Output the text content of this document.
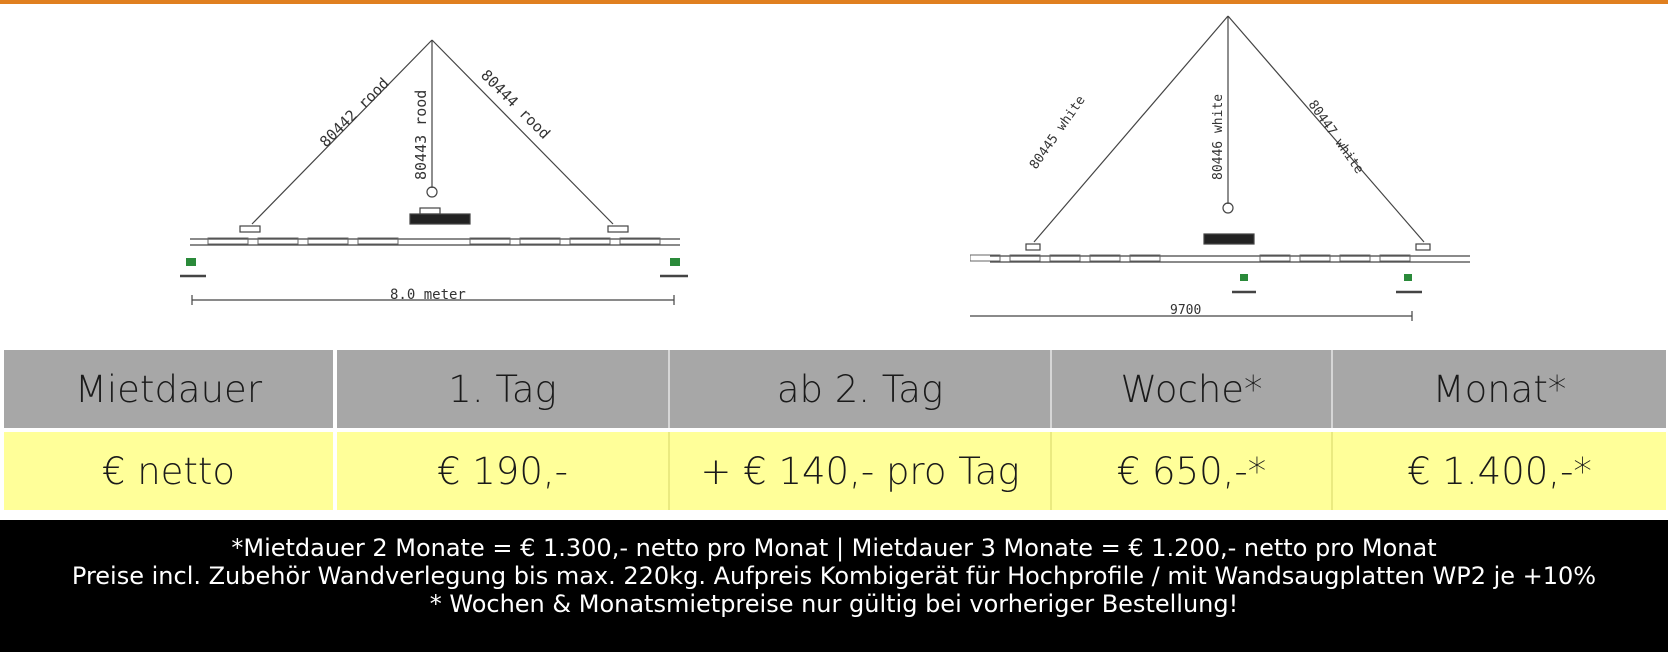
80442 rood 80443 rood	80444 rood
8.0 meter
80445 white	80446 white	80447 white
9700
Mietdauer	1. Tag	ab 2. Tag	Woche*	Monat*
€ netto	€ 190,-	+ € 140,- pro Tag	€ 650,-*	€ 1.400,-*
*Mietdauer 2 Monate = € 1.300,- netto pro Monat | Mietdauer 3 Monate = € 1.200,- netto pro Monat
Preise incl. Zubehör Wandverlegung bis max. 220kg. Aufpreis Kombigerät für Hochprofile / mit Wandsaugplatten WP2 je +10%
* Wochen & Monatsmietpreise nur gültig bei vorheriger Bestellung!
